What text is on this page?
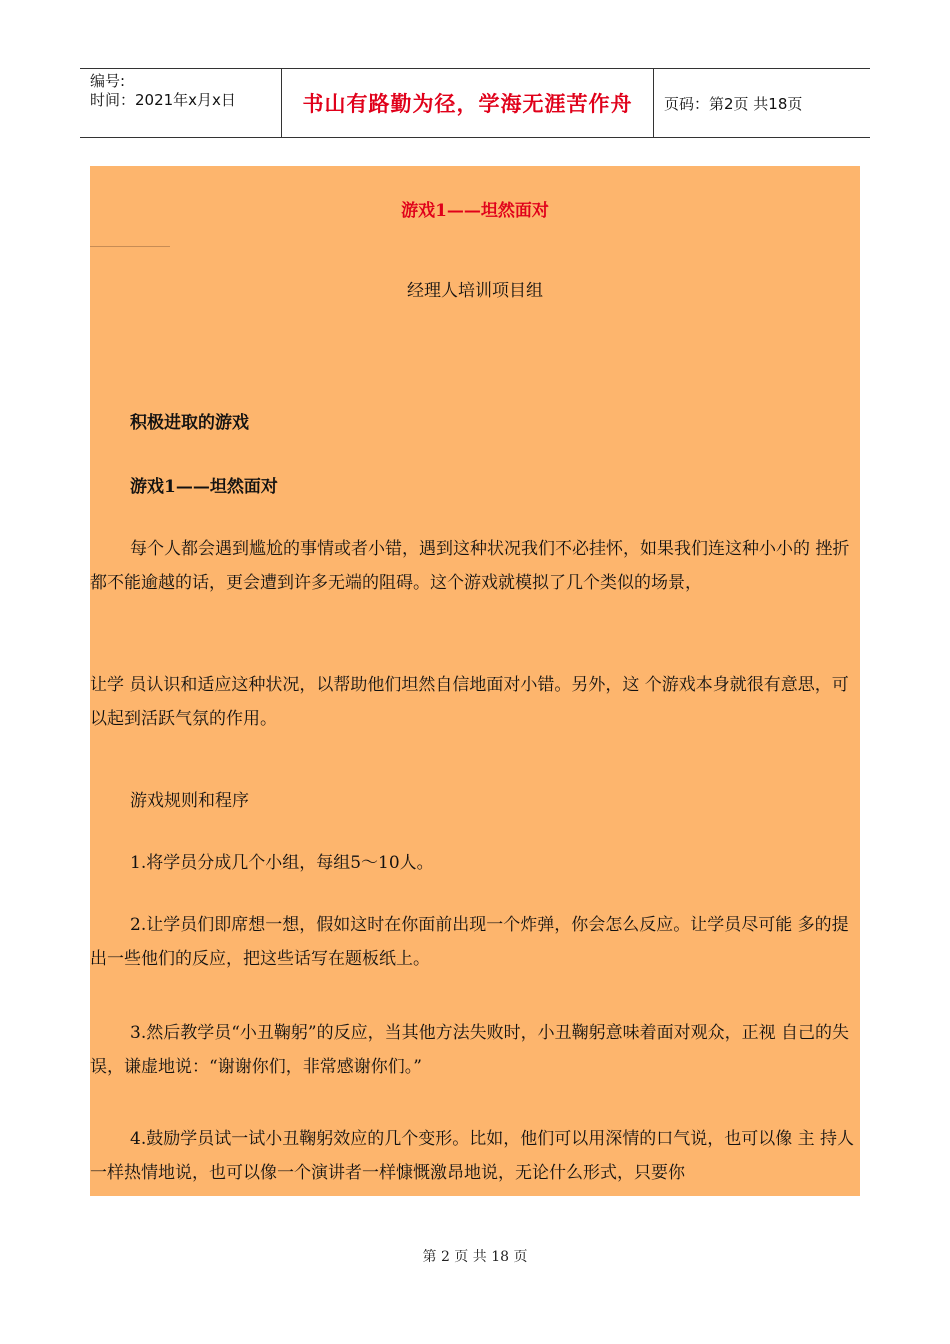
编号:
时间：2021年x月x日	书山有路勤为径，学海无涯苦作舟	页码：第2页 共18页
游戏1——坦然面对
经理人培训项目组

积极进取的游戏

游戏1——坦然面对

每个人都会遇到尴尬的事情或者小错，遇到这种状况我们不必挂怀，如果我们连这种小小的 挫折都不能逾越的话，更会遭到许多无端的阻碍。这个游戏就模拟了几个类似的场景，

让学 员认识和适应这种状况，以帮助他们坦然自信地面对小错。另外，这 个游戏本身就很有意思，可以起到活跃气氛的作用。

游戏规则和程序

1.将学员分成几个小组，每组5～10人。

2.让学员们即席想一想，假如这时在你面前出现一个炸弹，你会怎么反应。让学员尽可能 多的提出一些他们的反应，把这些话写在题板纸上。

3.然后教学员“小丑鞠躬”的反应，当其他方法失败时，小丑鞠躬意味着面对观众，正视 自己的失误，谦虚地说：“谢谢你们，非常感谢你们。”

4.鼓励学员试一试小丑鞠躬效应的几个变形。比如，他们可以用深情的口气说，也可以像 主 持人一样热情地说，也可以像一个演讲者一样慷慨激昂地说，无论什么形式，只要你

第 2 页 共 18 页
